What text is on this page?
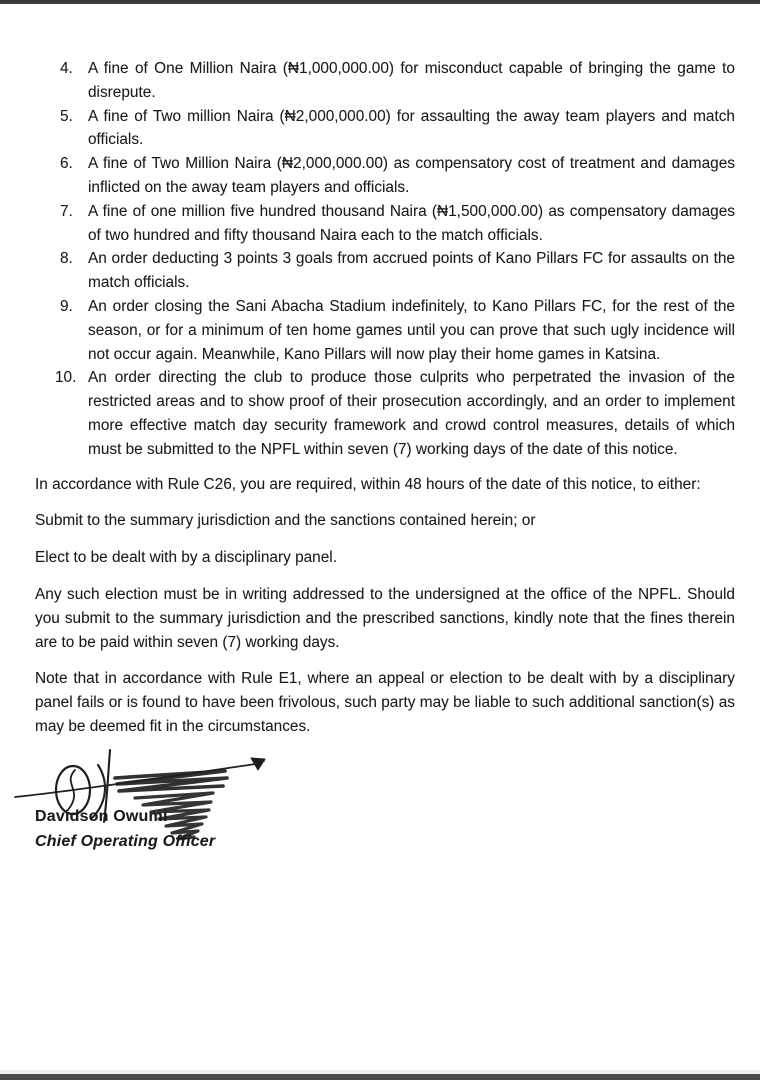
4. A fine of One Million Naira (₦1,000,000.00) for misconduct capable of bringing the game to disrepute.
5. A fine of Two million Naira (₦2,000,000.00) for assaulting the away team players and match officials.
6. A fine of Two Million Naira (₦2,000,000.00) as compensatory cost of treatment and damages inflicted on the away team players and officials.
7. A fine of one million five hundred thousand Naira (₦1,500,000.00) as compensatory damages of two hundred and fifty thousand Naira each to the match officials.
8. An order deducting 3 points 3 goals from accrued points of Kano Pillars FC for assaults on the match officials.
9. An order closing the Sani Abacha Stadium indefinitely, to Kano Pillars FC, for the rest of the season, or for a minimum of ten home games until you can prove that such ugly incidence will not occur again. Meanwhile, Kano Pillars will now play their home games in Katsina.
10. An order directing the club to produce those culprits who perpetrated the invasion of the restricted areas and to show proof of their prosecution accordingly, and an order to implement more effective match day security framework and crowd control measures, details of which must be submitted to the NPFL within seven (7) working days of the date of this notice.

In accordance with Rule C26, you are required, within 48 hours of the date of this notice, to either:

Submit to the summary jurisdiction and the sanctions contained herein; or

Elect to be dealt with by a disciplinary panel.

Any such election must be in writing addressed to the undersigned at the office of the NPFL. Should you submit to the summary jurisdiction and the prescribed sanctions, kindly note that the fines therein are to be paid within seven (7) working days.

Note that in accordance with Rule E1, where an appeal or election to be dealt with by a disciplinary panel fails or is found to have been frivolous, such party may be liable to such additional sanction(s) as may be deemed fit in the circumstances.

Davidson Owumi
Chief Operating Officer
